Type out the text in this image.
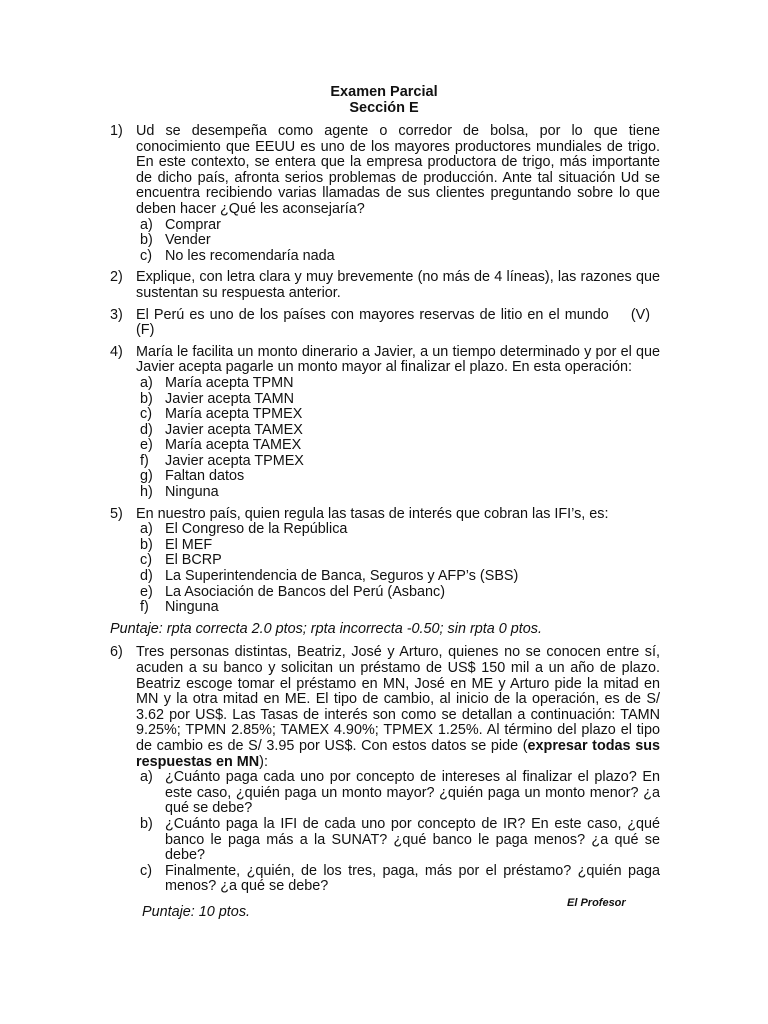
Examen Parcial
Sección E
1) Ud se desempeña como agente o corredor de bolsa, por lo que tiene conocimiento que EEUU es uno de los mayores productores mundiales de trigo. En este contexto, se entera que la empresa productora de trigo, más importante de dicho país, afronta serios problemas de producción. Ante tal situación Ud se encuentra recibiendo varias llamadas de sus clientes preguntando sobre lo que deben hacer ¿Qué les aconsejaría?
a) Comprar
b) Vender
c) No les recomendaría nada
2) Explique, con letra clara y muy brevemente (no más de 4 líneas), las razones que sustentan su respuesta anterior.
3) El Perú es uno de los países con mayores reservas de litio en el mundo (V)(F)
4) María le facilita un monto dinerario a Javier, a un tiempo determinado y por el que Javier acepta pagarle un monto mayor al finalizar el plazo. En esta operación:
a) María acepta TPMN
b) Javier acepta TAMN
c) María acepta TPMEX
d) Javier acepta TAMEX
e) María acepta TAMEX
f) Javier acepta TPMEX
g) Faltan datos
h) Ninguna
5) En nuestro país, quien regula las tasas de interés que cobran las IFI’s, es:
a) El Congreso de la República
b) El MEF
c) El BCRP
d) La Superintendencia de Banca, Seguros y AFP’s (SBS)
e) La Asociación de Bancos del Perú (Asbanc)
f) Ninguna
Puntaje: rpta correcta 2.0 ptos; rpta incorrecta -0.50; sin rpta 0 ptos.
6) Tres personas distintas, Beatriz, José y Arturo, quienes no se conocen entre sí, acuden a su banco y solicitan un préstamo de US$ 150 mil a un año de plazo. Beatriz escoge tomar el préstamo en MN, José en ME y Arturo pide la mitad en MN y la otra mitad en ME. El tipo de cambio, al inicio de la operación, es de S/ 3.62 por US$. Las Tasas de interés son como se detallan a continuación: TAMN 9.25%; TPMN 2.85%; TAMEX 4.90%; TPMEX 1.25%. Al término del plazo el tipo de cambio es de S/ 3.95 por US$. Con estos datos se pide (expresar todas sus respuestas en MN):
a) ¿Cuánto paga cada uno por concepto de intereses al finalizar el plazo? En este caso, ¿quién paga un monto mayor? ¿quién paga un monto menor? ¿a qué se debe?
b) ¿Cuánto paga la IFI de cada uno por concepto de IR? En este caso, ¿qué banco le paga más a la SUNAT? ¿qué banco le paga menos? ¿a qué se debe?
c) Finalmente, ¿quién, de los tres, paga, más por el préstamo? ¿quién paga menos? ¿a qué se debe?
Puntaje: 10 ptos.
El Profesor
